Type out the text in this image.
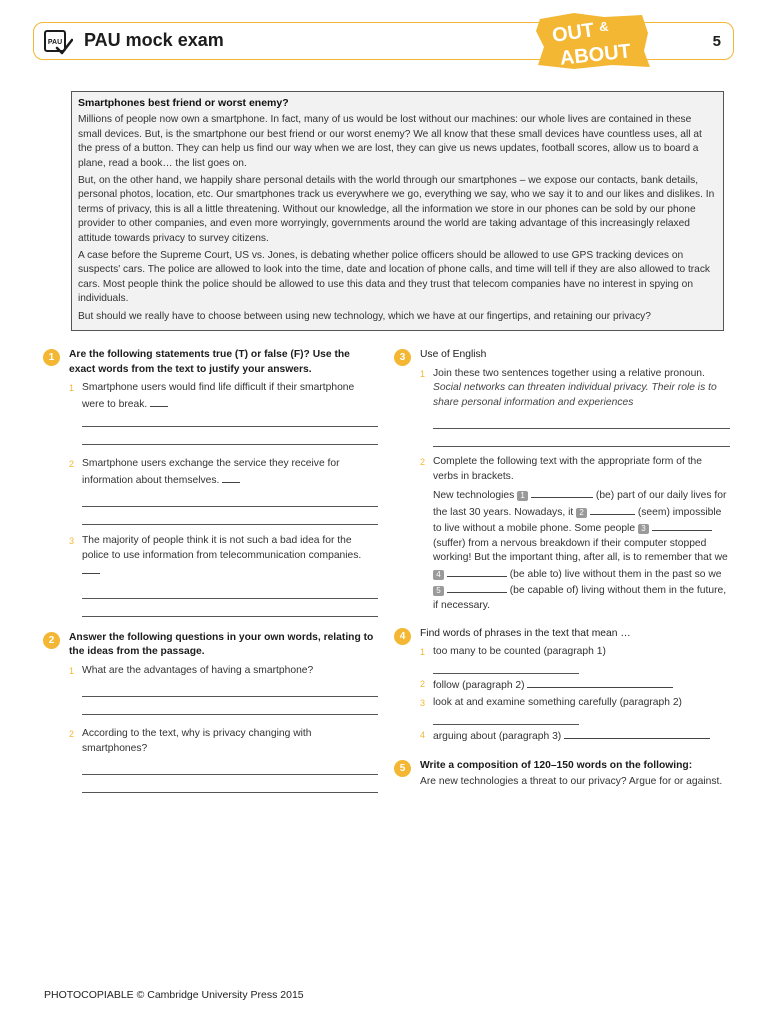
PAU PAU mock exam	OUT &
ABOUT	5
Smartphones best friend or worst enemy?

Millions of people now own a smartphone. In fact, many of us would be lost without our machines: our whole lives are contained in these small devices. But, is the smartphone our best friend or our worst enemy? We all know that these small devices have countless uses, all at the press of a button. They can help us find our way when we are lost, they can give us news updates, football scores, allow us to board a plane, read a book… the list goes on.

But, on the other hand, we happily share personal details with the world through our smartphones – we expose our contacts, bank details, personal photos, location, etc. Our smartphones track us everywhere we go, everything we say, who we say it to and our likes and dislikes. In terms of privacy, this is all a little threatening. Without our knowledge, all the information we store in our phones can be sold by our phone provider to other companies, and even more worryingly, governments around the world are taking advantage of this increasingly relaxed attitude towards privacy to survey citizens.

A case before the Supreme Court, US vs. Jones, is debating whether police officers should be allowed to use GPS tracking devices on suspects' cars. The police are allowed to look into the time, date and location of phone calls, and time will tell if they are also allowed to track cars. Most people think the police should be allowed to use this data and they trust that telecom companies have no interest in spying on individuals.

But should we really have to choose between using new technology, which we have at our fingertips, and retaining our privacy?

1	Are the following statements true (T) or false (F)? Use the exact words from the text to justify your answers.
1 Smartphone users would find life difficult if their smartphone were to break.
2 Smartphone users exchange the service they receive for information about themselves.
3 The majority of people think it is not such a bad idea for the police to use information from telecommunication companies.
2	Answer the following questions in your own words, relating to the ideas from the passage.
1 What are the advantages of having a smartphone?
2 According to the text, why is privacy changing with smartphones?
3	Use of English
1 Join these two sentences together using a relative pronoun.
Social networks can threaten individual privacy. Their role is to share personal information and experiences
2 Complete the following text with the appropriate form of the verbs in brackets.
New technologies 1	(be) part of our daily lives for the last 30 years. Nowadays, it 2	(seem) impossible to live without a mobile phone. Some people 3  (suffer) from a nervous breakdown if their computer stopped working! But the important thing, after all, is to remember that we 4	(be able to) live without them in the past so we 5	(be capable of) living without them in the future, if necessary.
4	Find words of phrases in the text that mean …
1 too many to be counted (paragraph 1)
2 follow (paragraph 2)
3 look at and examine something carefully (paragraph 2)
4 arguing about (paragraph 3)
5	Write a composition of 120–150 words on the following:
Are new technologies a threat to our privacy? Argue for or against.
PHOTOCOPIABLE © Cambridge University Press 2015
